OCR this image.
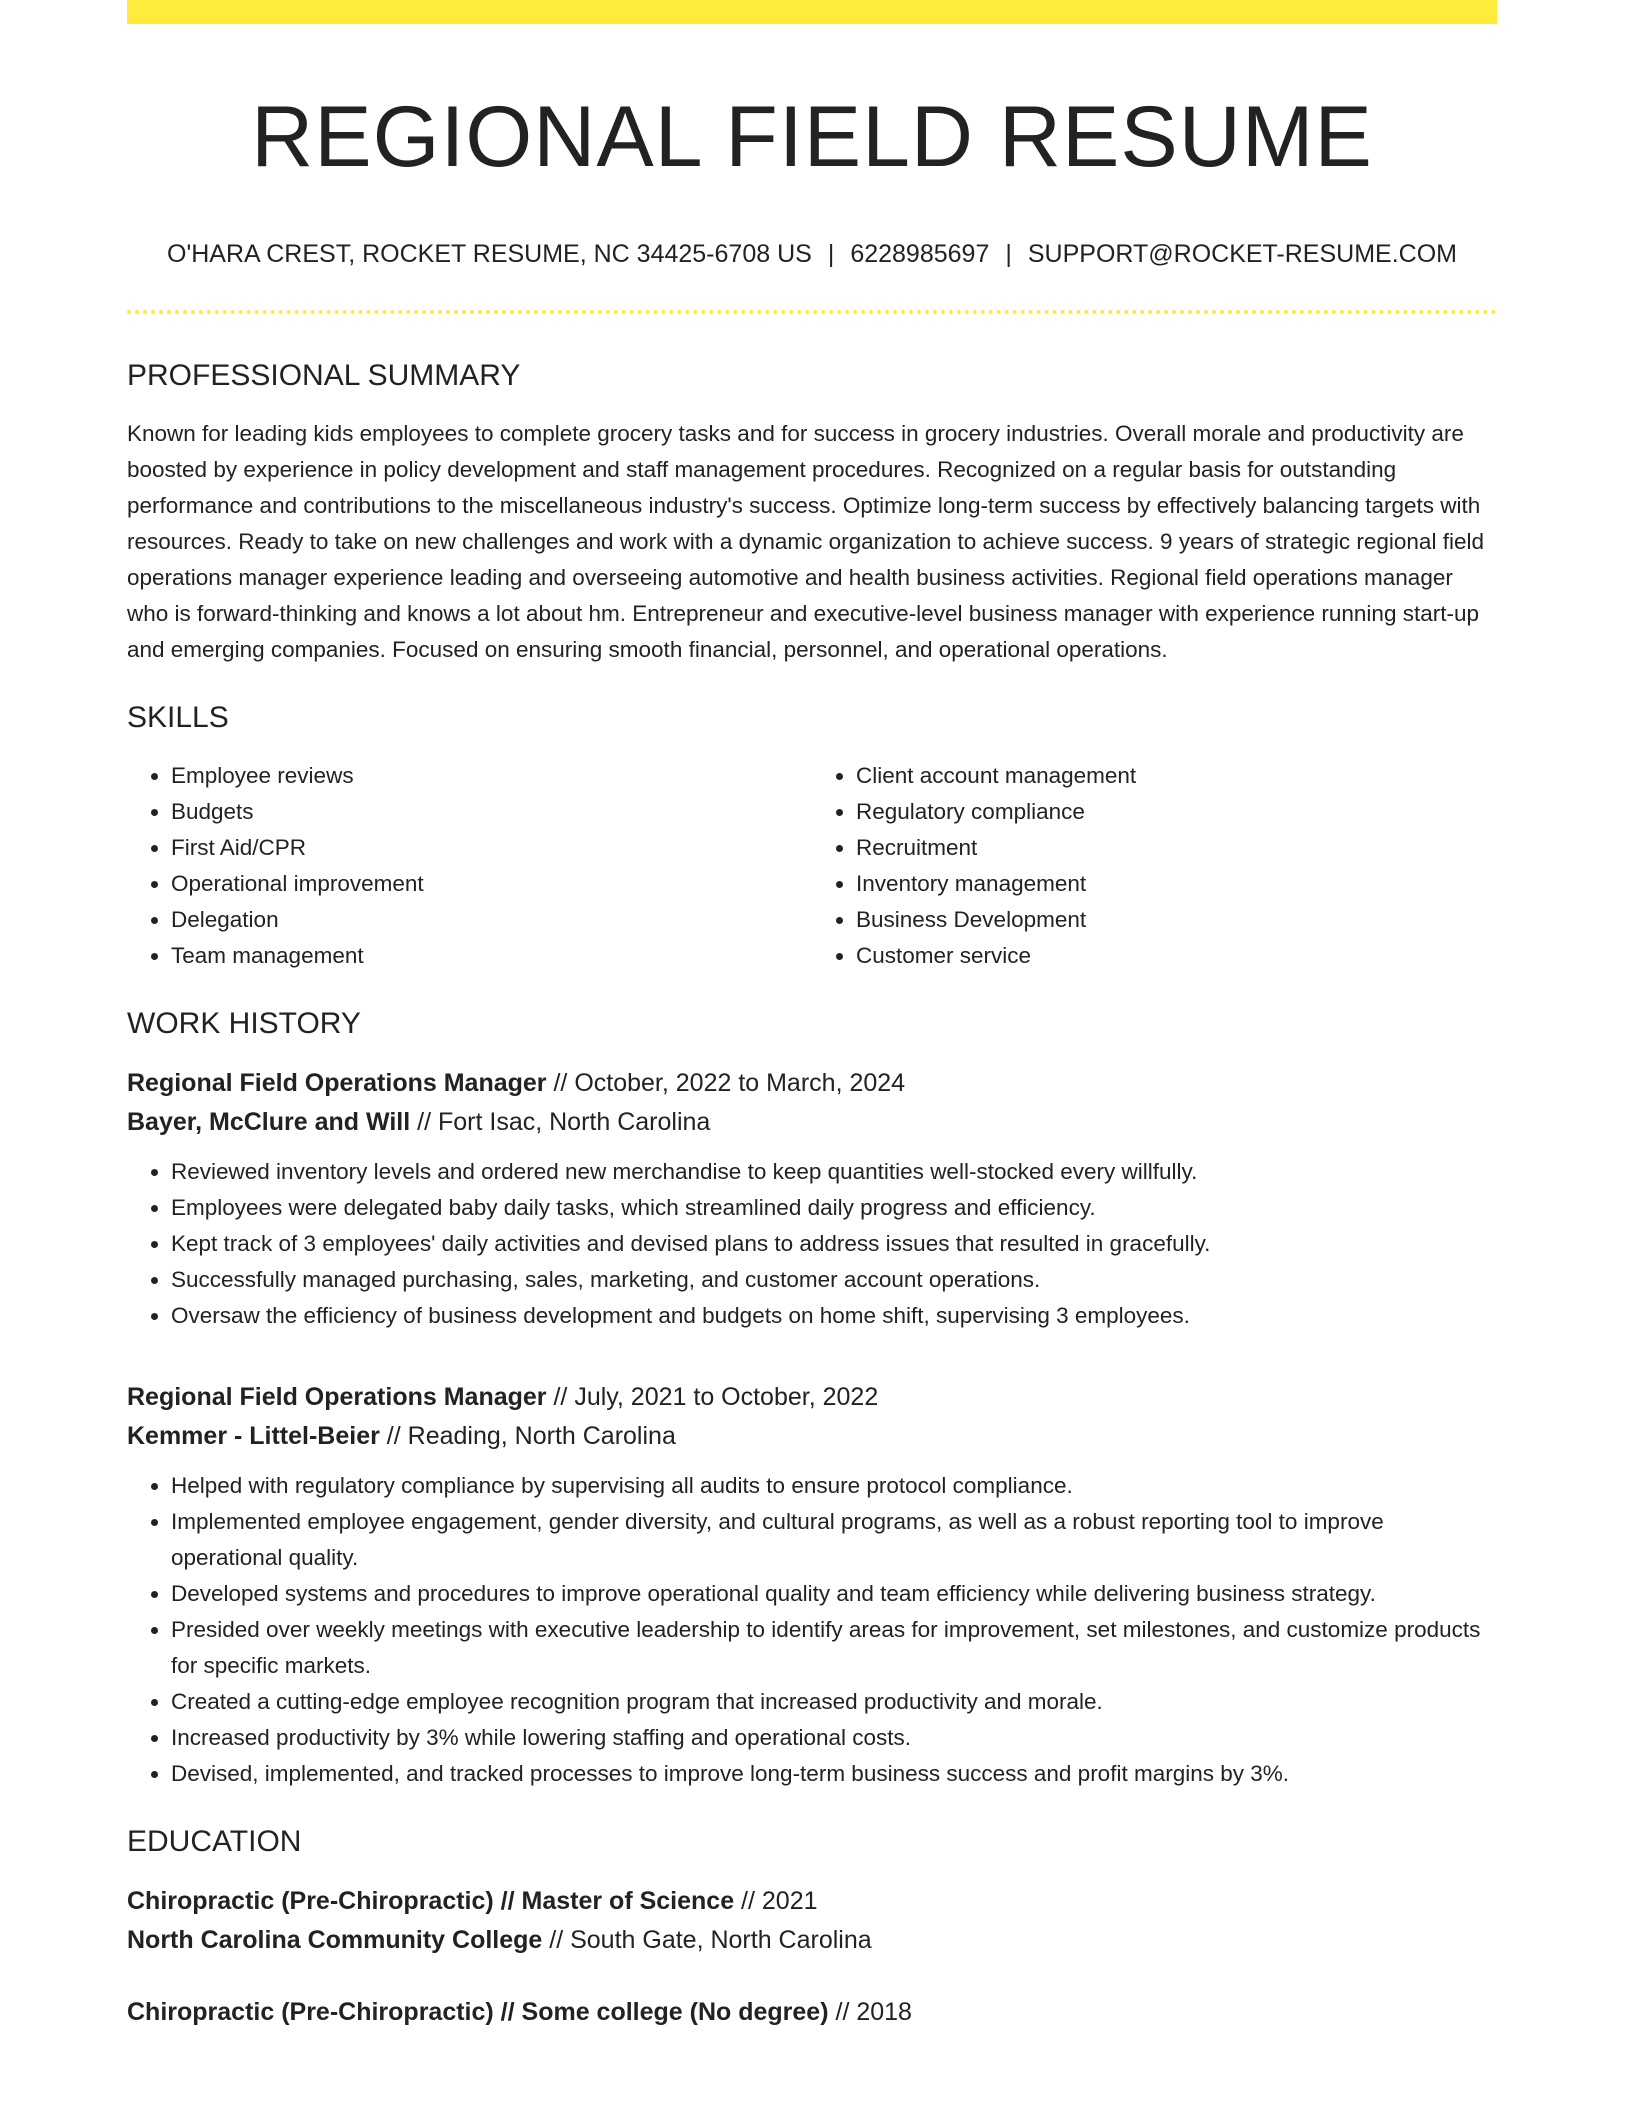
REGIONAL FIELD RESUME
O'HARA CREST, ROCKET RESUME, NC 34425-6708 US | 6228985697 | SUPPORT@ROCKET-RESUME.COM
PROFESSIONAL SUMMARY

Known for leading kids employees to complete grocery tasks and for success in grocery industries. Overall morale and productivity are boosted by experience in policy development and staff management procedures. Recognized on a regular basis for outstanding performance and contributions to the miscellaneous industry's success. Optimize long-term success by effectively balancing targets with resources. Ready to take on new challenges and work with a dynamic organization to achieve success. 9 years of strategic regional field operations manager experience leading and overseeing automotive and health business activities. Regional field operations manager who is forward-thinking and knows a lot about hm. Entrepreneur and executive-level business manager with experience running start-up and emerging companies. Focused on ensuring smooth financial, personnel, and operational operations.

SKILLS
• Employee reviews
• Budgets
• First Aid/CPR
• Operational improvement
• Delegation
• Team management
• Client account management
• Regulatory compliance
• Recruitment
• Inventory management
• Business Development
• Customer service
WORK HISTORY
Regional Field Operations Manager // October, 2022 to March, 2024
Bayer, McClure and Will // Fort Isac, North Carolina
• Reviewed inventory levels and ordered new merchandise to keep quantities well-stocked every willfully.
• Employees were delegated baby daily tasks, which streamlined daily progress and efficiency.
• Kept track of 3 employees' daily activities and devised plans to address issues that resulted in gracefully.
• Successfully managed purchasing, sales, marketing, and customer account operations.
• Oversaw the efficiency of business development and budgets on home shift, supervising 3 employees.
Regional Field Operations Manager // July, 2021 to October, 2022
Kemmer - Littel-Beier // Reading, North Carolina
• Helped with regulatory compliance by supervising all audits to ensure protocol compliance.
• Implemented employee engagement, gender diversity, and cultural programs, as well as a robust reporting tool to improve operational quality.
• Developed systems and procedures to improve operational quality and team efficiency while delivering business strategy.
• Presided over weekly meetings with executive leadership to identify areas for improvement, set milestones, and customize products for specific markets.
• Created a cutting-edge employee recognition program that increased productivity and morale.
• Increased productivity by 3% while lowering staffing and operational costs.
• Devised, implemented, and tracked processes to improve long-term business success and profit margins by 3%.
EDUCATION
Chiropractic (Pre-Chiropractic) // Master of Science // 2021
North Carolina Community College // South Gate, North Carolina
Chiropractic (Pre-Chiropractic) // Some college (No degree) // 2018
